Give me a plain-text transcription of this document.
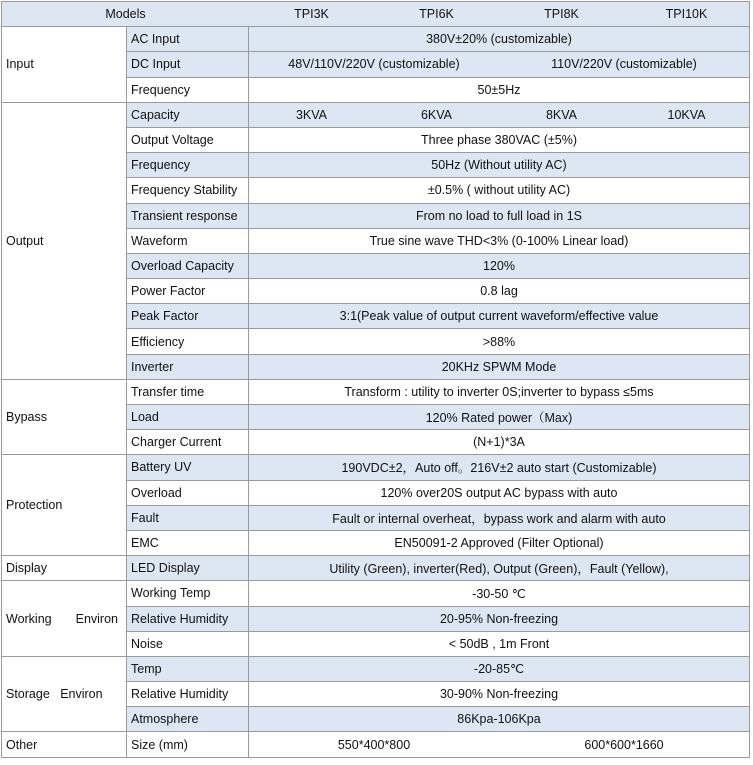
Models TPI3K TPI6K TPI8K TPI10K		

Input	AC Input	380V±20% (customizable)
	DC Input	48V/110V/220V (customizable) 110V/220V (customizable)

	Frequency	50±5Hz
Output	Capacity	3KVA 6KVA 8KVA 10KVA

	Output Voltage	Three phase 380VAC (±5%)
	Frequency	50Hz (Without utility AC)
	Frequency Stability	±0.5% ( without utility AC)
	Transient response	From no load to full load in 1S
	Waveform	True sine wave THD<3% (0-100% Linear load)
	Overload Capacity	120%
	Power Factor	0.8 lag
	Peak Factor	3:1(Peak value of output current waveform/effective value
	Efficiency	>88%
	Inverter	20KHz SPWM Mode
Bypass	Transfer time	Transform : utility to inverter 0S;inverter to bypass ≤5ms
	Load	120% Rated power（Max)
	Charger Current	(N+1)*3A
Protection	Battery UV	190VDC±2，Auto off。216V±2 auto start (Customizable)
	Overload	120% over20S output AC bypass with auto
	Fault	Fault or internal overheat，bypass work and alarm with auto
	EMC	EN50091-2 Approved (Filter Optional)
Display	LED Display	Utility (Green), inverter(Red), Output (Green)，Fault (Yellow),

Working Environ	Working Temp	-30-50 ℃
	Relative Humidity	20-95% Non-freezing
	Noise	< 50dB , 1m Front
Storage Environ	Temp	-20-85℃
	Relative Humidity	30-90% Non-freezing
	Atmosphere	86Kpa-106Kpa
Other	Size (mm)	550*400*800 600*600*1660
